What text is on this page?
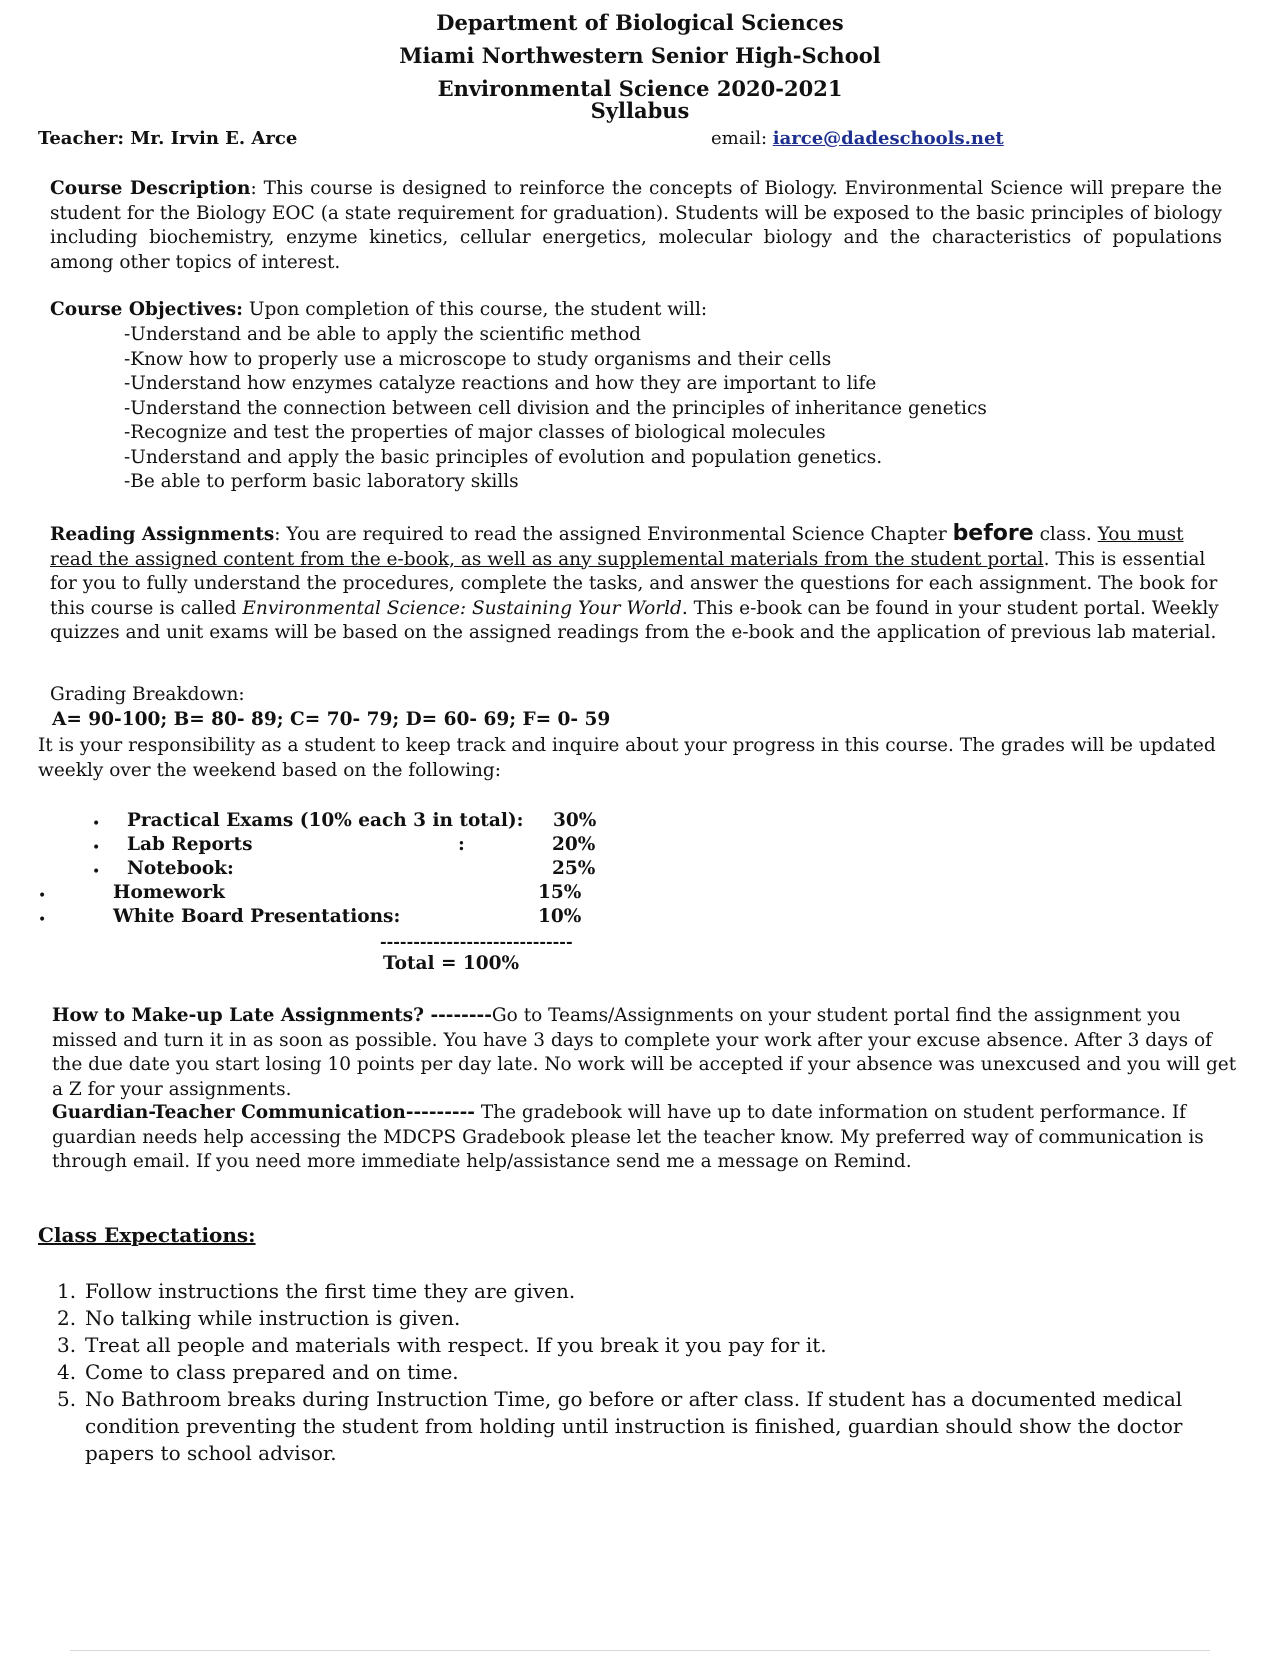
Department of Biological Sciences
Miami Northwestern Senior High-School
Environmental Science 2020-2021
Syllabus
Teacher: Mr. Irvin E. Arce	email: iarce@dadeschools.net
Course Description: This course is designed to reinforce the concepts of Biology. Environmental Science will prepare the student for the Biology EOC (a state requirement for graduation). Students will be exposed to the basic principles of biology including biochemistry, enzyme kinetics, cellular energetics, molecular biology and the characteristics of populations among other topics of interest.
Course Objectives: Upon completion of this course, the student will:
-Understand and be able to apply the scientific method
-Know how to properly use a microscope to study organisms and their cells
-Understand how enzymes catalyze reactions and how they are important to life
-Understand the connection between cell division and the principles of inheritance genetics
-Recognize and test the properties of major classes of biological molecules
-Understand and apply the basic principles of evolution and population genetics.
-Be able to perform basic laboratory skills
Reading Assignments: You are required to read the assigned Environmental Science Chapter before class. You must read the assigned content from the e-book, as well as any supplemental materials from the student portal. This is essential for you to fully understand the procedures, complete the tasks, and answer the questions for each assignment. The book for this course is called Environmental Science: Sustaining Your World. This e-book can be found in your student portal. Weekly quizzes and unit exams will be based on the assigned readings from the e-book and the application of previous lab material.
Grading Breakdown:
A= 90-100; B= 80- 89; C= 70- 79; D= 60- 69; F= 0- 59
It is your responsibility as a student to keep track and inquire about your progress in this course. The grades will be updated weekly over the weekend based on the following:
• Practical Exams (10% each 3 in total): 30%
• Lab Reports	:	20%
• Notebook:	25%
•	Homework	15%
•	White Board Presentations:	10%
-----------------------------
Total = 100%
How to Make-up Late Assignments? --------Go to Teams/Assignments on your student portal find the assignment you missed and turn it in as soon as possible. You have 3 days to complete your work after your excuse absence. After 3 days of the due date you start losing 10 points per day late. No work will be accepted if your absence was unexcused and you will get a Z for your assignments.
Guardian-Teacher Communication--------- The gradebook will have up to date information on student performance. If guardian needs help accessing the MDCPS Gradebook please let the teacher know. My preferred way of communication is through email. If you need more immediate help/assistance send me a message on Remind.
Class Expectations:
1. Follow instructions the first time they are given.
2. No talking while instruction is given.
3. Treat all people and materials with respect. If you break it you pay for it.
4. Come to class prepared and on time.
5. No Bathroom breaks during Instruction Time, go before or after class. If student has a documented medical condition preventing the student from holding until instruction is finished, guardian should show the doctor papers to school advisor.
